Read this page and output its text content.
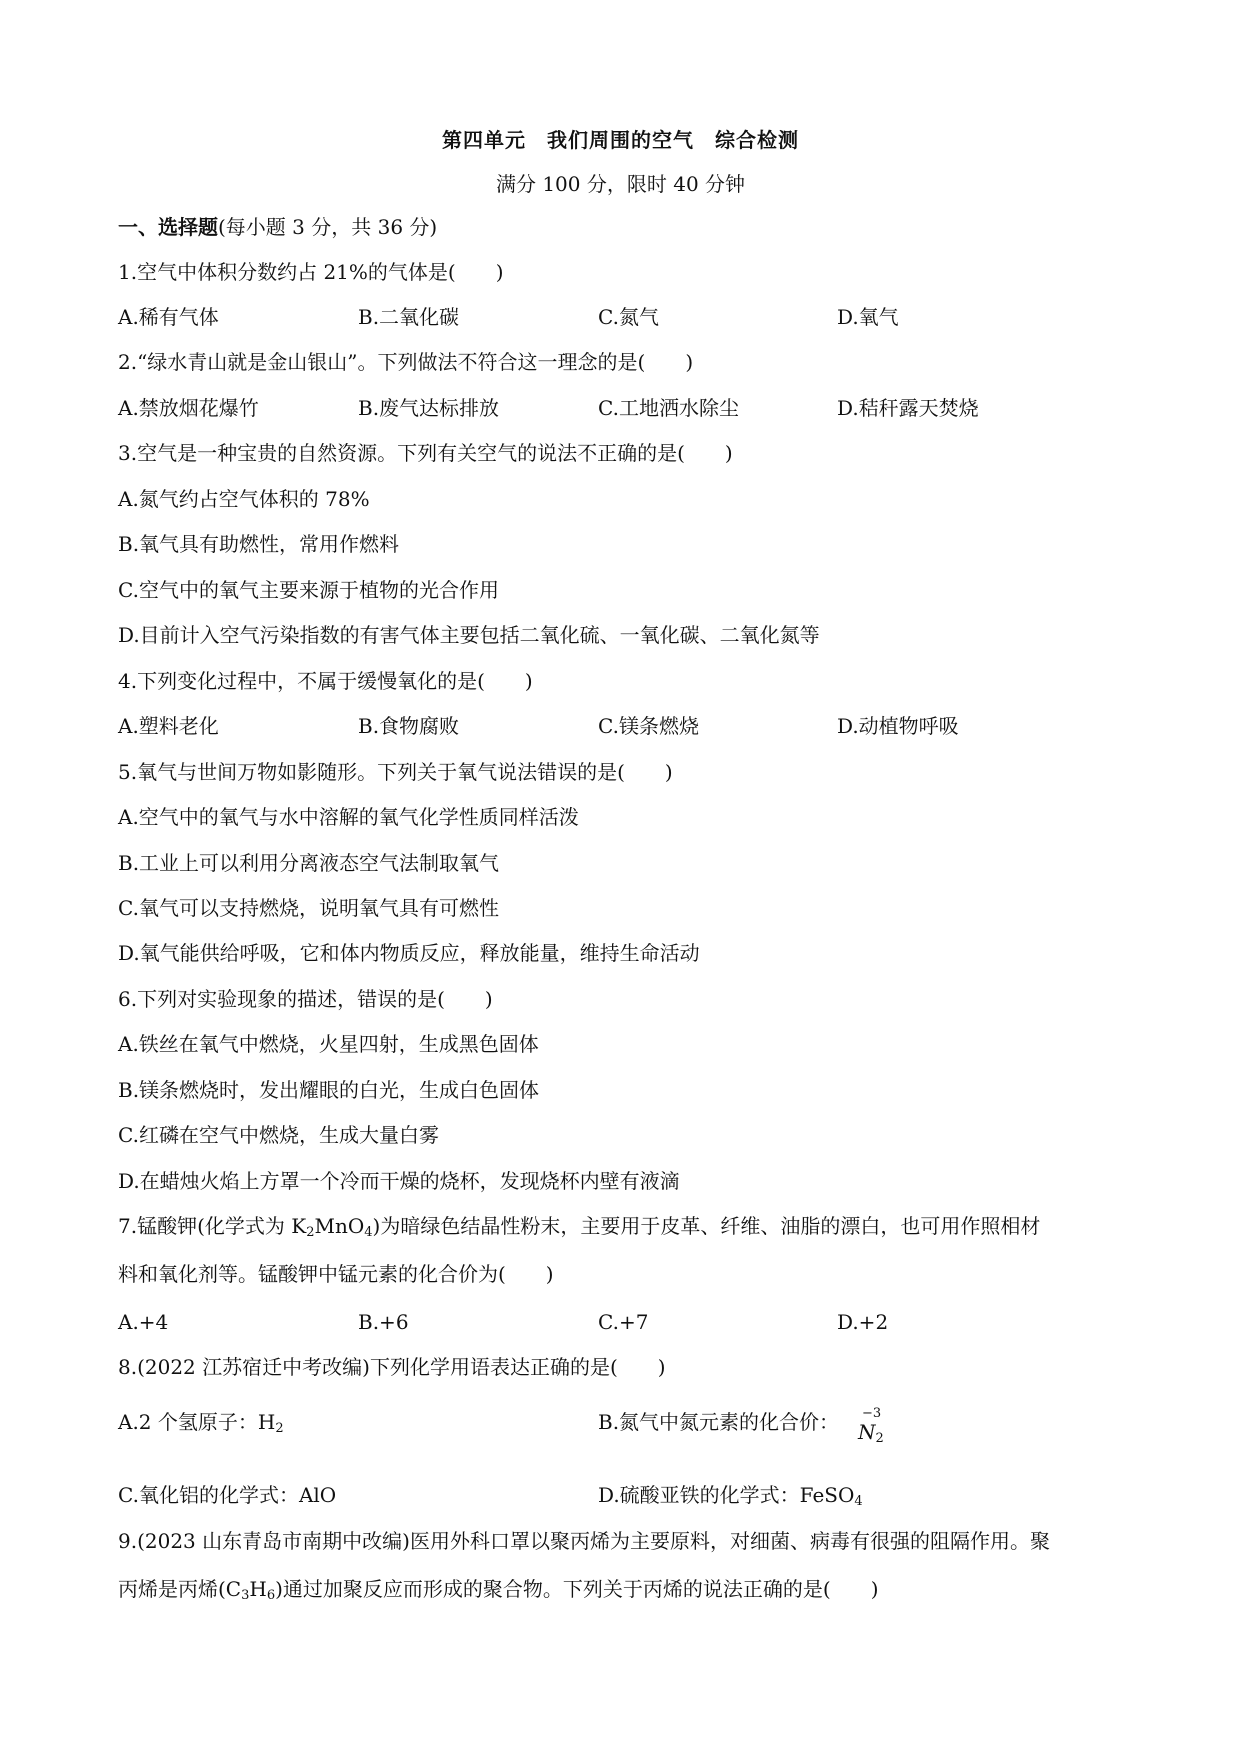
第四单元　我们周围的空气　综合检测
满分 100 分，限时 40 分钟
一、选择题(每小题 3 分，共 36 分)
1.空气中体积分数约占 21%的气体是(　　)
A.稀有气体	B.二氧化碳	C.氮气	D.氧气
2.“绿水青山就是金山银山”。下列做法不符合这一理念的是(　　)
A.禁放烟花爆竹	B.废气达标排放	C.工地洒水除尘	D.秸秆露天焚烧
3.空气是一种宝贵的自然资源。下列有关空气的说法不正确的是(　　)
A.氮气约占空气体积的 78%
B.氧气具有助燃性，常用作燃料
C.空气中的氧气主要来源于植物的光合作用
D.目前计入空气污染指数的有害气体主要包括二氧化硫、一氧化碳、二氧化氮等
4.下列变化过程中，不属于缓慢氧化的是(　　)
A.塑料老化	B.食物腐败	C.镁条燃烧	D.动植物呼吸
5.氧气与世间万物如影随形。下列关于氧气说法错误的是(　　)
A.空气中的氧气与水中溶解的氧气化学性质同样活泼
B.工业上可以利用分离液态空气法制取氧气
C.氧气可以支持燃烧，说明氧气具有可燃性
D.氧气能供给呼吸，它和体内物质反应，释放能量，维持生命活动
6.下列对实验现象的描述，错误的是(　　)
A.铁丝在氧气中燃烧，火星四射，生成黑色固体
B.镁条燃烧时，发出耀眼的白光，生成白色固体
C.红磷在空气中燃烧，生成大量白雾
D.在蜡烛火焰上方罩一个冷而干燥的烧杯，发现烧杯内壁有液滴
7.锰酸钾(化学式为 $K_2MnO_4$)为暗绿色结晶性粉末，主要用于皮革、纤维、油脂的漂白，也可用作照相材
料和氧化剂等。锰酸钾中锰元素的化合价为(　　)
A.+4	B.+6	C.+7	D.+2
8.(2022 江苏宿迁中考改编)下列化学用语表达正确的是(　　)
A.2 个氢原子：$H_2$	B.氮气中氮元素的化合价： −3
$N_2$
C.氧化铝的化学式：AlO	D.硫酸亚铁的化学式：FeSO$_4$
9.(2023 山东青岛市南期中改编)医用外科口罩以聚丙烯为主要原料，对细菌、病毒有很强的阻隔作用。聚
丙烯是丙烯$(C_3H_6)$通过加聚反应而形成的聚合物。下列关于丙烯的说法正确的是(　　)
